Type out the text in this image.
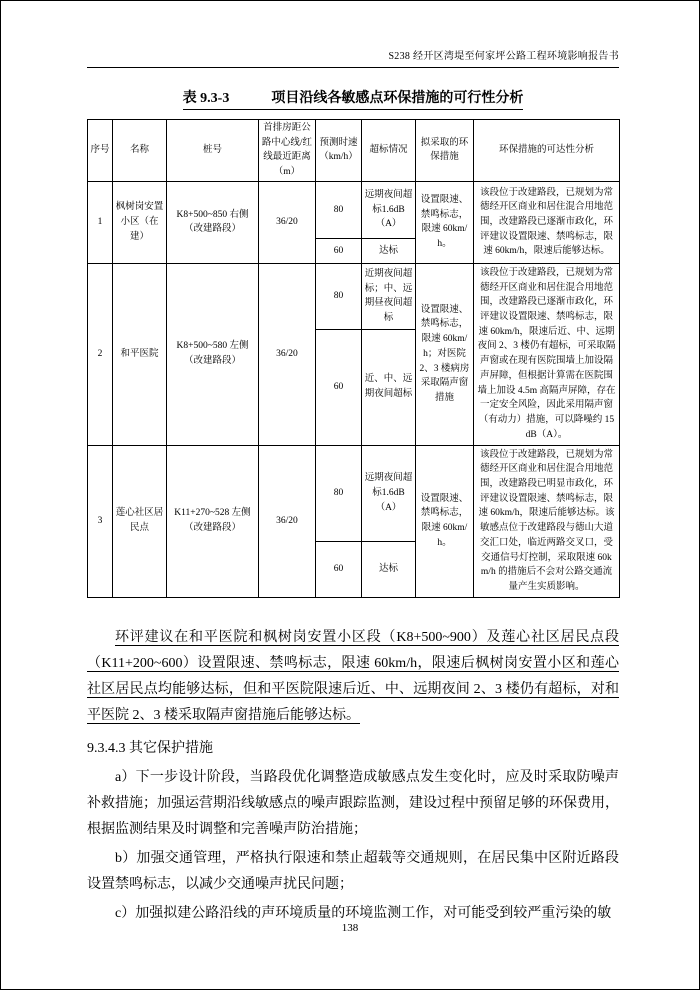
S238 经开区湾堤至何家坪公路工程环境影响报告书
表 9.3-3	项目沿线各敏感点环保措施的可行性分析
序号	名称	桩号	首排房距公路中心线/红线最近距离（m）	预测时速（km/h）	超标情况	拟采取的环保措施	环保措施的可达性分析
1	枫树岗安置小区（在建）	K8+500~850 右侧（改建路段）	36/20	80	远期夜间超标1.6dB（A）	设置限速、禁鸣标志，限速 60km/h。	该段位于改建路段，已规划为常德经开区商业和居住混合用地范围，改建路段已逐渐市政化，环评建议设置限速、禁鸣标志，限速 60km/h，限速后能够达标。
				60	达标		
2	和平医院	K8+500~580 左侧（改建路段）	36/20	80	近期夜间超标；中、远期昼夜间超标	设置限速、禁鸣标志，限速 60km/h；对医院 2、3 楼病房采取隔声窗措施	该段位于改建路段，已规划为常德经开区商业和居住混合用地范围，改建路段已逐渐市政化，环评建议设置限速、禁鸣标志，限速 60km/h，限速后近、中、远期夜间 2、3 楼仍有超标，可采取隔声窗或在现有医院围墙上加设隔声屏障，但根据计算需在医院围墙上加设 4.5m 高隔声屏障，存在一定安全风险，因此采用隔声窗（有动力）措施，可以降噪约 15dB（A）。
				60	近、中、远期夜间超标		
3	莲心社区居民点	K11+270~528 左侧（改建路段）	36/20	80	远期夜间超标1.6dB（A）	设置限速、禁鸣标志，限速 60km/h。	该段位于改建路段，已规划为常德经开区商业和居住混合用地范围，改建路段已明显市政化，环评建议设置限速、禁鸣标志，限速 60km/h，限速后能够达标。该敏感点位于改建路段与德山大道交汇口处，临近两路交叉口，受交通信号灯控制，采取限速 60km/h 的措施后不会对公路交通流量产生实质影响。
				60	达标		

环评建议在和平医院和枫树岗安置小区段（K8+500~900）及莲心社区居民点段（K11+200~600）设置限速、禁鸣标志，限速 60km/h，限速后枫树岗安置小区和莲心社区居民点均能够达标，但和平医院限速后近、中、远期夜间 2、3 楼仍有超标，对和平医院 2、3 楼采取隔声窗措施后能够达标。

9.3.4.3 其它保护措施

a）下一步设计阶段，当路段优化调整造成敏感点发生变化时，应及时采取防噪声补救措施；加强运营期沿线敏感点的噪声跟踪监测，建设过程中预留足够的环保费用，根据监测结果及时调整和完善噪声防治措施；

b）加强交通管理，严格执行限速和禁止超载等交通规则，在居民集中区附近路段设置禁鸣标志，以减少交通噪声扰民问题；

c）加强拟建公路沿线的声环境质量的环境监测工作，对可能受到较严重污染的敏

138
